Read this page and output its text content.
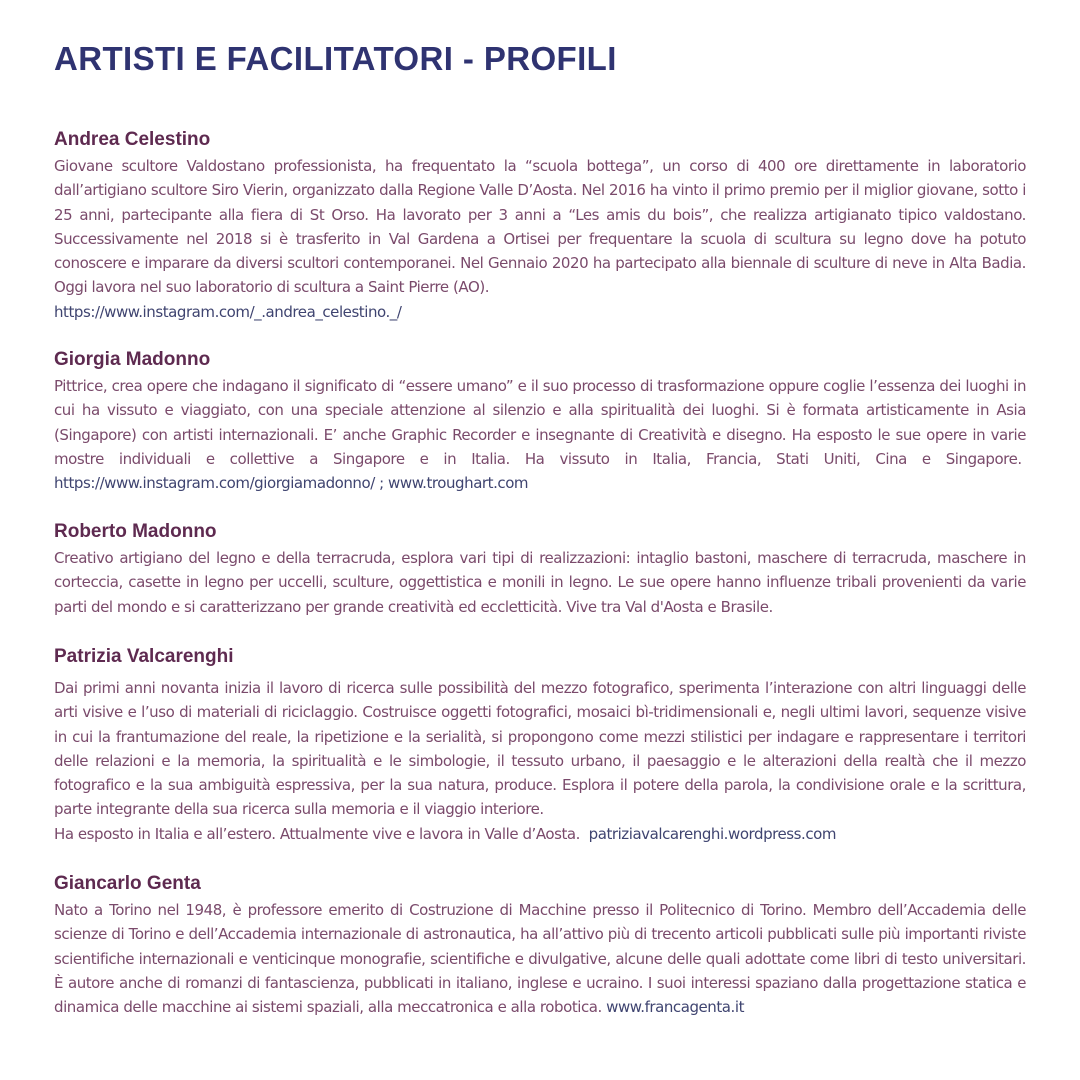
ARTISTI E FACILITATORI - PROFILI
Andrea Celestino

Giovane scultore Valdostano professionista, ha frequentato la “scuola bottega”, un corso di 400 ore direttamente in laboratorio dall’artigiano scultore Siro Vierin, organizzato dalla Regione Valle D’Aosta. Nel 2016 ha vinto il primo premio per il miglior giovane, sotto i 25 anni, partecipante alla fiera di St Orso. Ha lavorato per 3 anni a “Les amis du bois”, che realizza artigianato tipico valdostano. Successivamente nel 2018 si è trasferito in Val Gardena a Ortisei per frequentare la scuola di scultura su legno dove ha potuto conoscere e imparare da diversi scultori contemporanei. Nel Gennaio 2020 ha partecipato alla biennale di sculture di neve in Alta Badia. Oggi lavora nel suo laboratorio di scultura a Saint Pierre (AO).

https://www.instagram.com/_.andrea_celestino._/

Giorgia Madonno

Pittrice, crea opere che indagano il significato di “essere umano” e il suo processo di trasformazione oppure coglie l’essenza dei luoghi in cui ha vissuto e viaggiato, con una speciale attenzione al silenzio e alla spiritualità dei luoghi. Si è formata artisticamente in Asia (Singapore) con artisti internazionali. E’ anche Graphic Recorder e insegnante di Creatività e disegno. Ha esposto le sue opere in varie mostre individuali e collettive a Singapore e in Italia. Ha vissuto in Italia, Francia, Stati Uniti, Cina e Singapore.  https://www.instagram.com/giorgiamadonno/ ; www.troughart.com

Roberto Madonno

Creativo artigiano del legno e della terracruda, esplora vari tipi di realizzazioni: intaglio bastoni, maschere di terracruda, maschere in corteccia, casette in legno per uccelli, sculture, oggettistica e monili in legno. Le sue opere hanno influenze tribali provenienti da varie parti del mondo e si caratterizzano per grande creatività ed eccletticità. Vive tra Val d'Aosta e Brasile.

Patrizia Valcarenghi

Dai primi anni novanta inizia il lavoro di ricerca sulle possibilità del mezzo fotografico, sperimenta l’interazione con altri linguaggi delle arti visive e l’uso di materiali di riciclaggio. Costruisce oggetti fotografici, mosaici bì-tridimensionali e, negli ultimi lavori, sequenze visive in cui la frantumazione del reale, la ripetizione e la serialità, si propongono come mezzi stilistici per indagare e rappresentare i territori delle relazioni e la memoria, la spiritualità e le simbologie, il tessuto urbano, il paesaggio e le alterazioni della realtà che il mezzo fotografico e la sua ambiguità espressiva, per la sua natura, produce. Esplora il potere della parola, la condivisione orale e la scrittura, parte integrante della sua ricerca sulla memoria e il viaggio interiore.

Ha esposto in Italia e all’estero. Attualmente vive e lavora in Valle d’Aosta. patriziavalcarenghi.wordpress.com

Giancarlo Genta

Nato a Torino nel 1948, è professore emerito di Costruzione di Macchine presso il Politecnico di Torino. Membro dell’Accademia delle scienze di Torino e dell’Accademia internazionale di astronautica, ha all’attivo più di trecento articoli pubblicati sulle più importanti riviste scientifiche internazionali e venticinque monografie, scientifiche e divulgative, alcune delle quali adottate come libri di testo universitari. È autore anche di romanzi di fantascienza, pubblicati in italiano, inglese e ucraino. I suoi interessi spaziano dalla progettazione statica e dinamica delle macchine ai sistemi spaziali, alla meccatronica e alla robotica. www.francagenta.it
